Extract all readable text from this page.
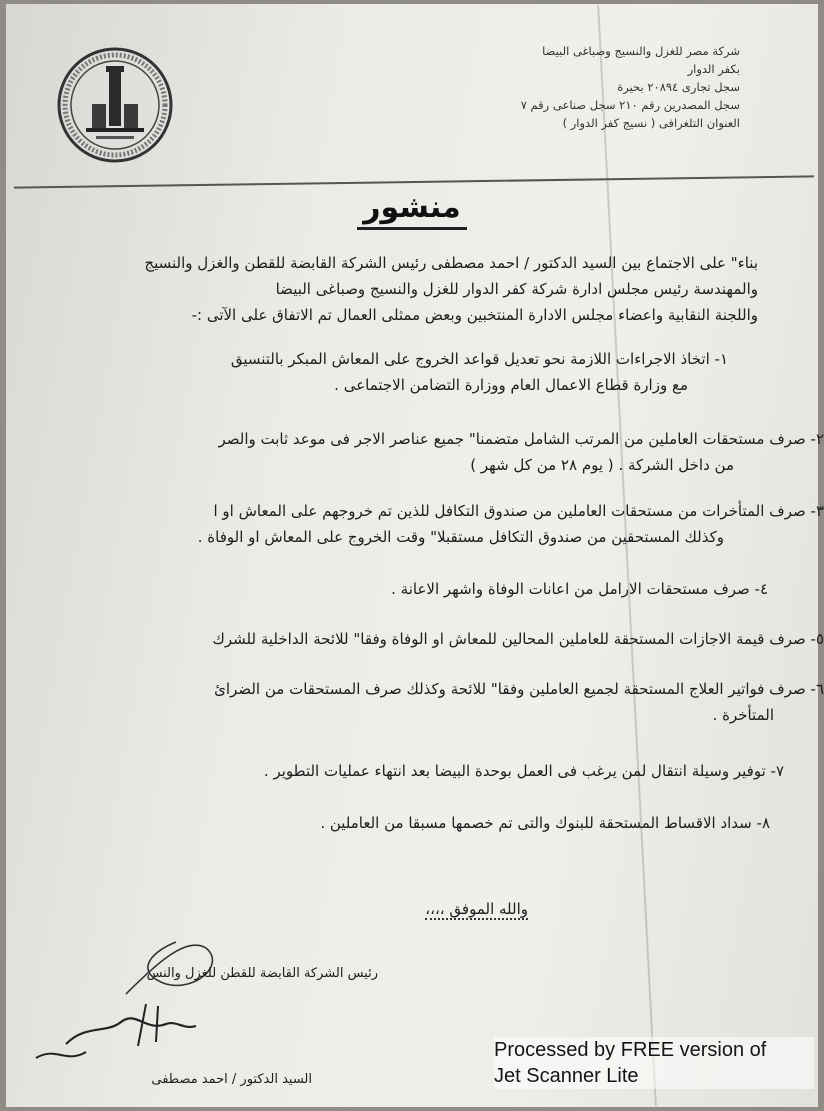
شركة مصر للغزل والنسيج وصباغى البيضا
بكفر الدوار
سجل تجارى ٢٠٨٩٤ بحيرة
سجل المصدرين رقم ٢١٠ سجل صناعى رقم ٧
العنوان التلغرافى ( نسيج كفر الدوار )
منشور
بناء" على الاجتماع بين السيد الدكتور / احمد مصطفى رئيس الشركة القابضة للقطن والغزل والنسيج
والمهندسة رئيس مجلس ادارة شركة كفر الدوار للغزل والنسيج وصباغى البيضا
واللجنة النقابية واعضاء مجلس الادارة المنتخبين وبعض ممثلى العمال تم الاتفاق على الآتى :-
١- اتخاذ الاجراءات اللازمة نحو تعديل قواعد الخروج على المعاش المبكر بالتنسيق
مع وزارة قطاع الاعمال العام ووزارة التضامن الاجتماعى .
٢- صرف مستحقات العاملين من المرتب الشامل متضمنا" جميع عناصر الاجر فى موعد ثابت والصر
من داخل الشركة . ( يوم ٢٨ من كل شهر )
٣- صرف المتأخرات من مستحقات العاملين من صندوق التكافل للذين تم خروجهم على المعاش او ا
وكذلك المستحقين من صندوق التكافل مستقبلا" وقت الخروج على المعاش او الوفاة .
٤- صرف مستحقات الارامل من اعانات الوفاة واشهر الاعانة .
٥- صرف قيمة الاجازات المستحقة للعاملين المحالين للمعاش او الوفاة وفقا" للائحة الداخلية للشرك
٦- صرف فواتير العلاج المستحقة لجميع العاملين وفقا" للائحة وكذلك صرف المستحقات من الضرائ
المتأخرة .
٧- توفير وسيلة انتقال لمن يرغب فى العمل بوحدة البيضا بعد انتهاء عمليات التطوير .
٨- سداد الاقساط المستحقة للبنوك والتى تم خصمها مسبقا من العاملين .
والله الموفق ،،،،
رئيس الشركة القابضة للقطن للغزل والنس
السيد الدكتور / احمد مصطفى
Processed by FREE version of
Jet Scanner Lite
